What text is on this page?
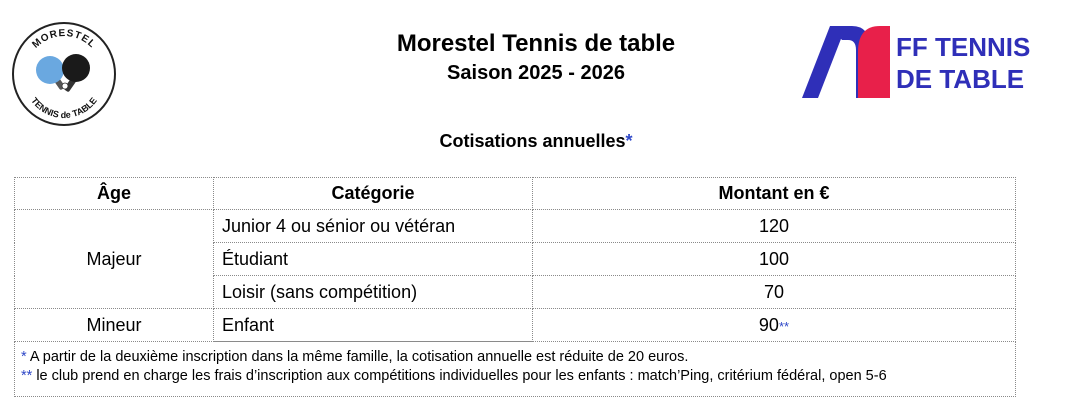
MORESTEL
TENNIS de TABLE
FF TENNIS
DE TABLE
Morestel Tennis de table
Saison 2025 - 2026
Cotisations annuelles*
Âge	Catégorie	Montant en €
Majeur	Junior 4 ou sénior ou vétéran	120
	Étudiant	100
	Loisir (sans compétition)	70
Mineur	Enfant	90**
* A partir de la deuxième inscription dans la même famille, la cotisation annuelle est réduite de 20 euros.
** le club prend en charge les frais d’inscription aux compétitions individuelles pour les enfants : match’Ping, critérium fédéral, open 5-6
